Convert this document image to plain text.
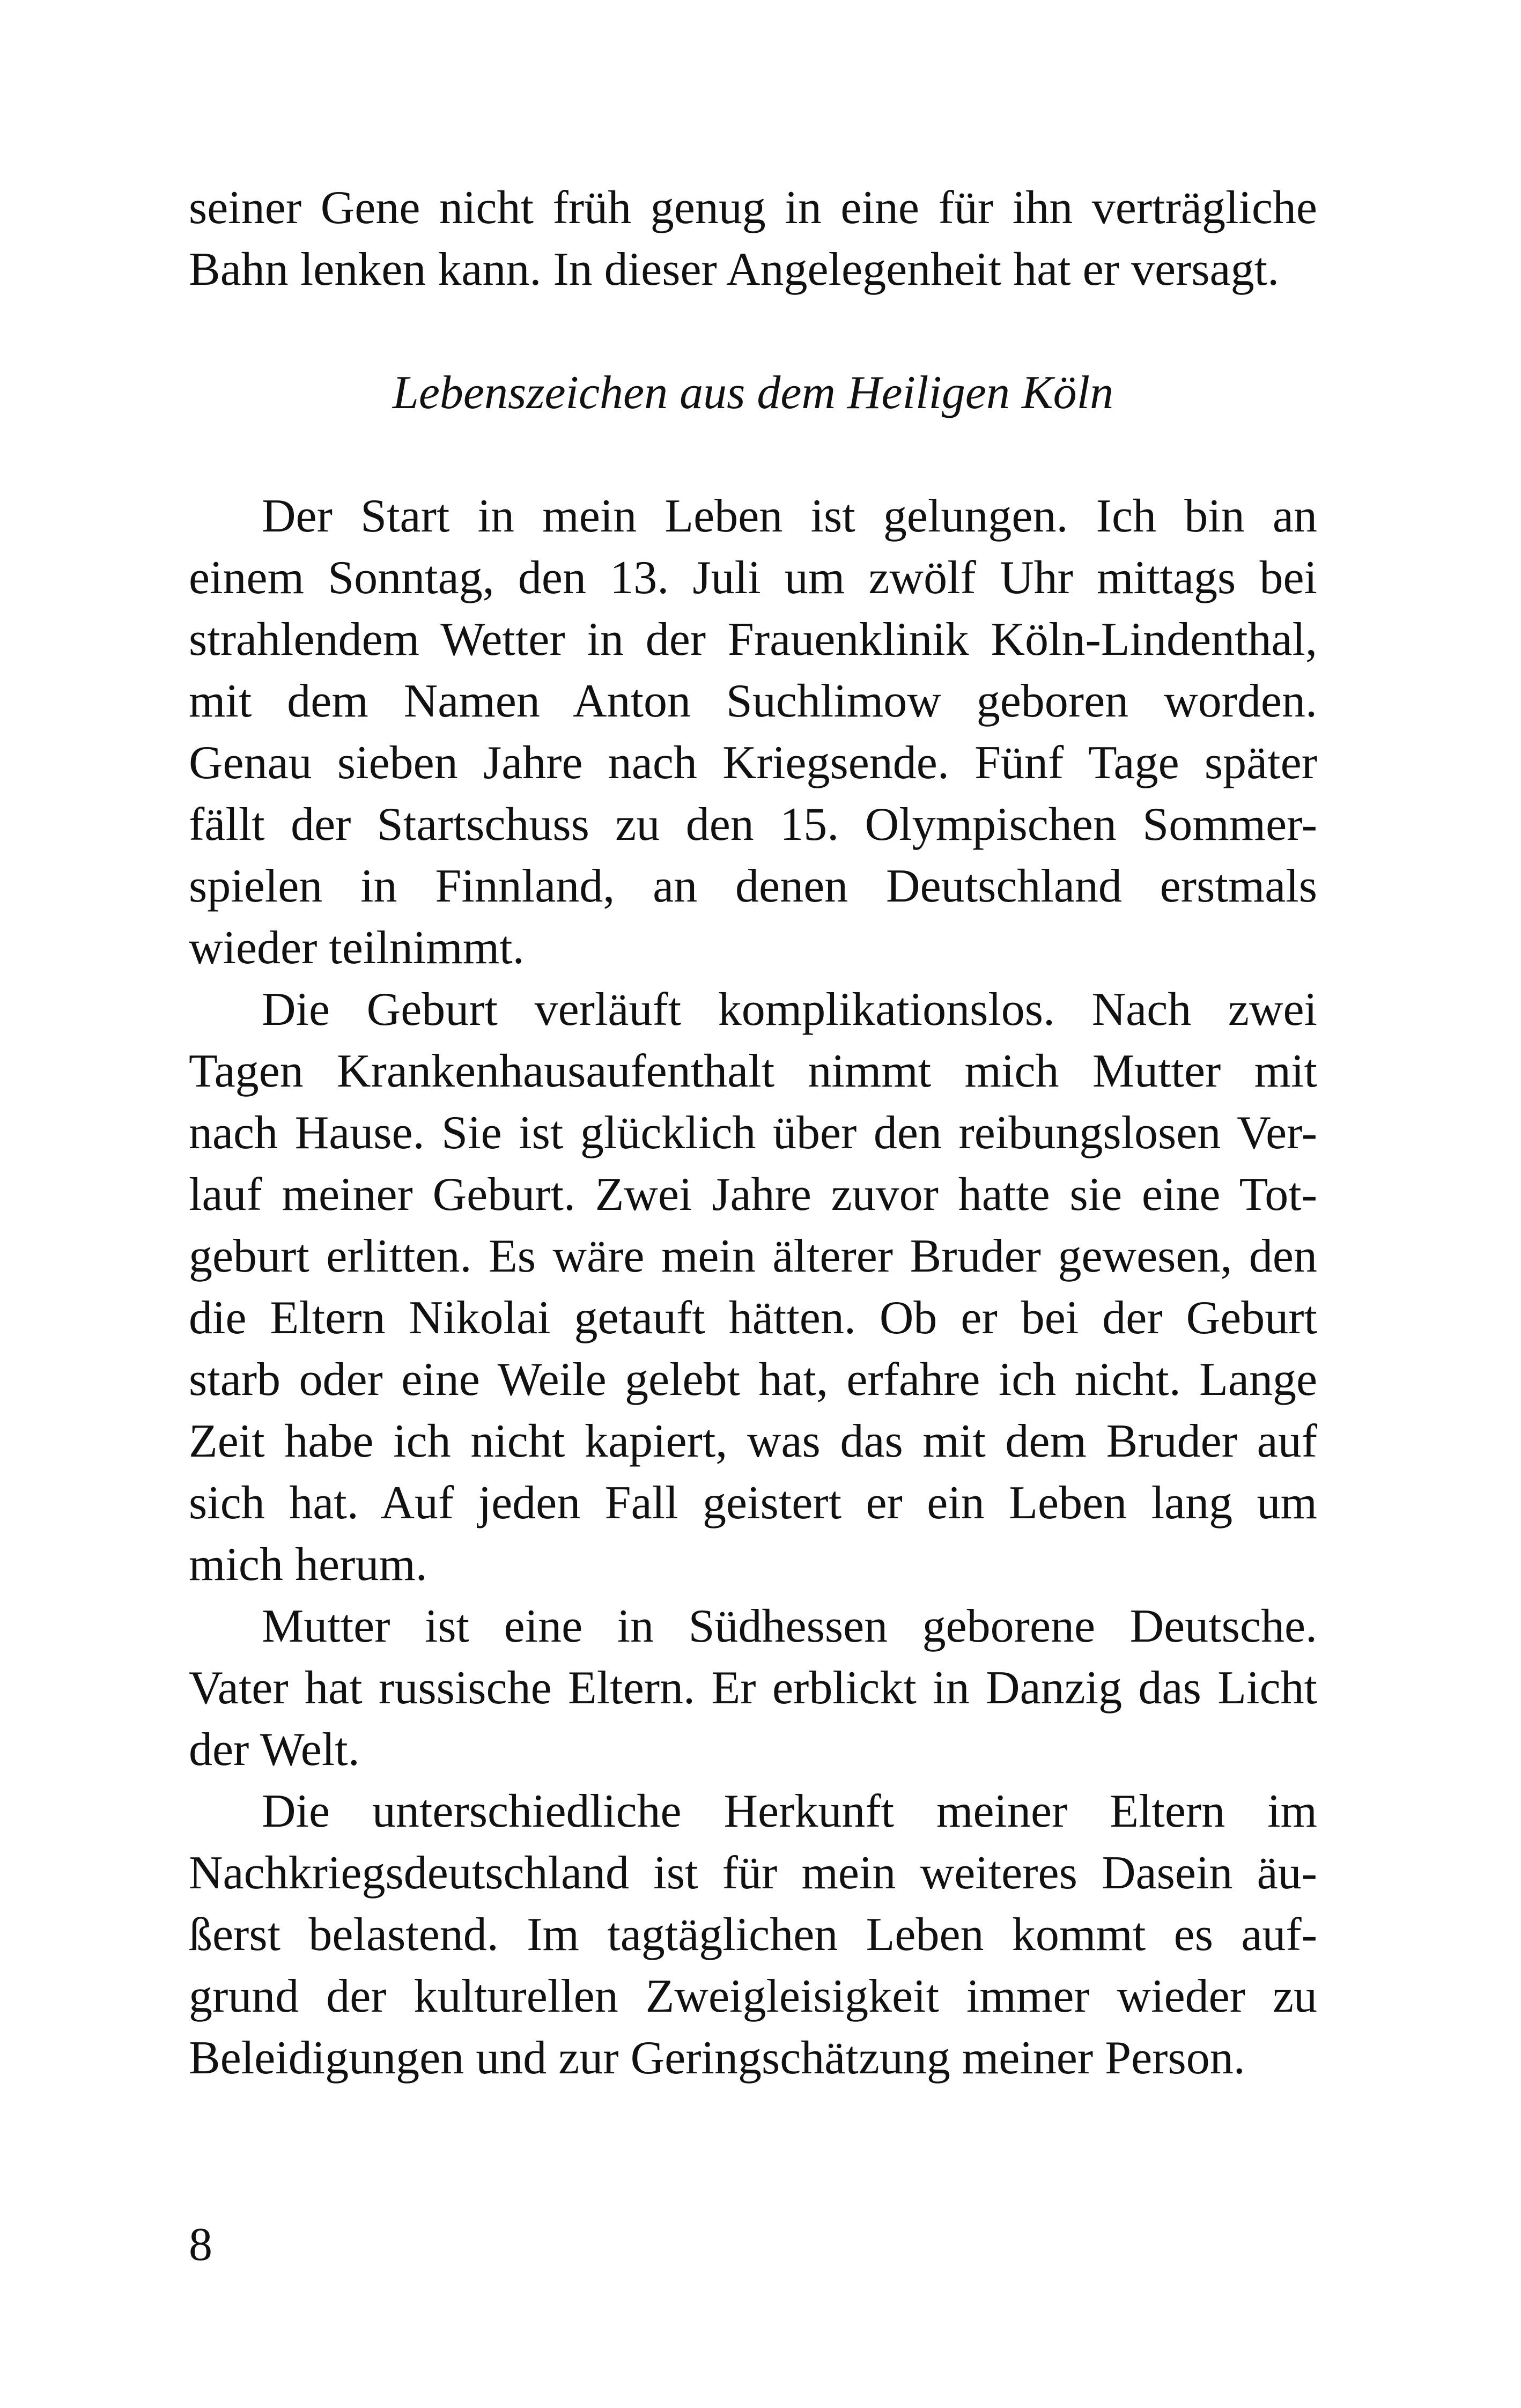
seiner Gene nicht früh genug in eine für ihn verträgliche
Bahn lenken kann. In dieser Angelegenheit hat er versagt.
Lebenszeichen aus dem Heiligen Köln
Der Start in mein Leben ist gelungen. Ich bin an
einem Sonntag, den 13. Juli um zwölf Uhr mittags bei
strahlendem Wetter in der Frauenklinik Köln-Lindenthal,
mit dem Namen Anton Suchlimow geboren worden.
Genau sieben Jahre nach Kriegsende. Fünf Tage später
fällt der Startschuss zu den 15. Olympischen Sommer-
spielen in Finnland, an denen Deutschland erstmals
wieder teilnimmt.
Die Geburt verläuft komplikationslos. Nach zwei
Tagen Krankenhausaufenthalt nimmt mich Mutter mit
nach Hause. Sie ist glücklich über den reibungslosen Ver-
lauf meiner Geburt. Zwei Jahre zuvor hatte sie eine Tot-
geburt erlitten. Es wäre mein älterer Bruder gewesen, den
die Eltern Nikolai getauft hätten. Ob er bei der Geburt
starb oder eine Weile gelebt hat, erfahre ich nicht. Lange
Zeit habe ich nicht kapiert, was das mit dem Bruder auf
sich hat. Auf jeden Fall geistert er ein Leben lang um
mich herum.
Mutter ist eine in Südhessen geborene Deutsche.
Vater hat russische Eltern. Er erblickt in Danzig das Licht
der Welt.
Die unterschiedliche Herkunft meiner Eltern im
Nachkriegsdeutschland ist für mein weiteres Dasein äu-
ßerst belastend. Im tagtäglichen Leben kommt es auf-
grund der kulturellen Zweigleisigkeit immer wieder zu
Beleidigungen und zur Geringschätzung meiner Person.
8
